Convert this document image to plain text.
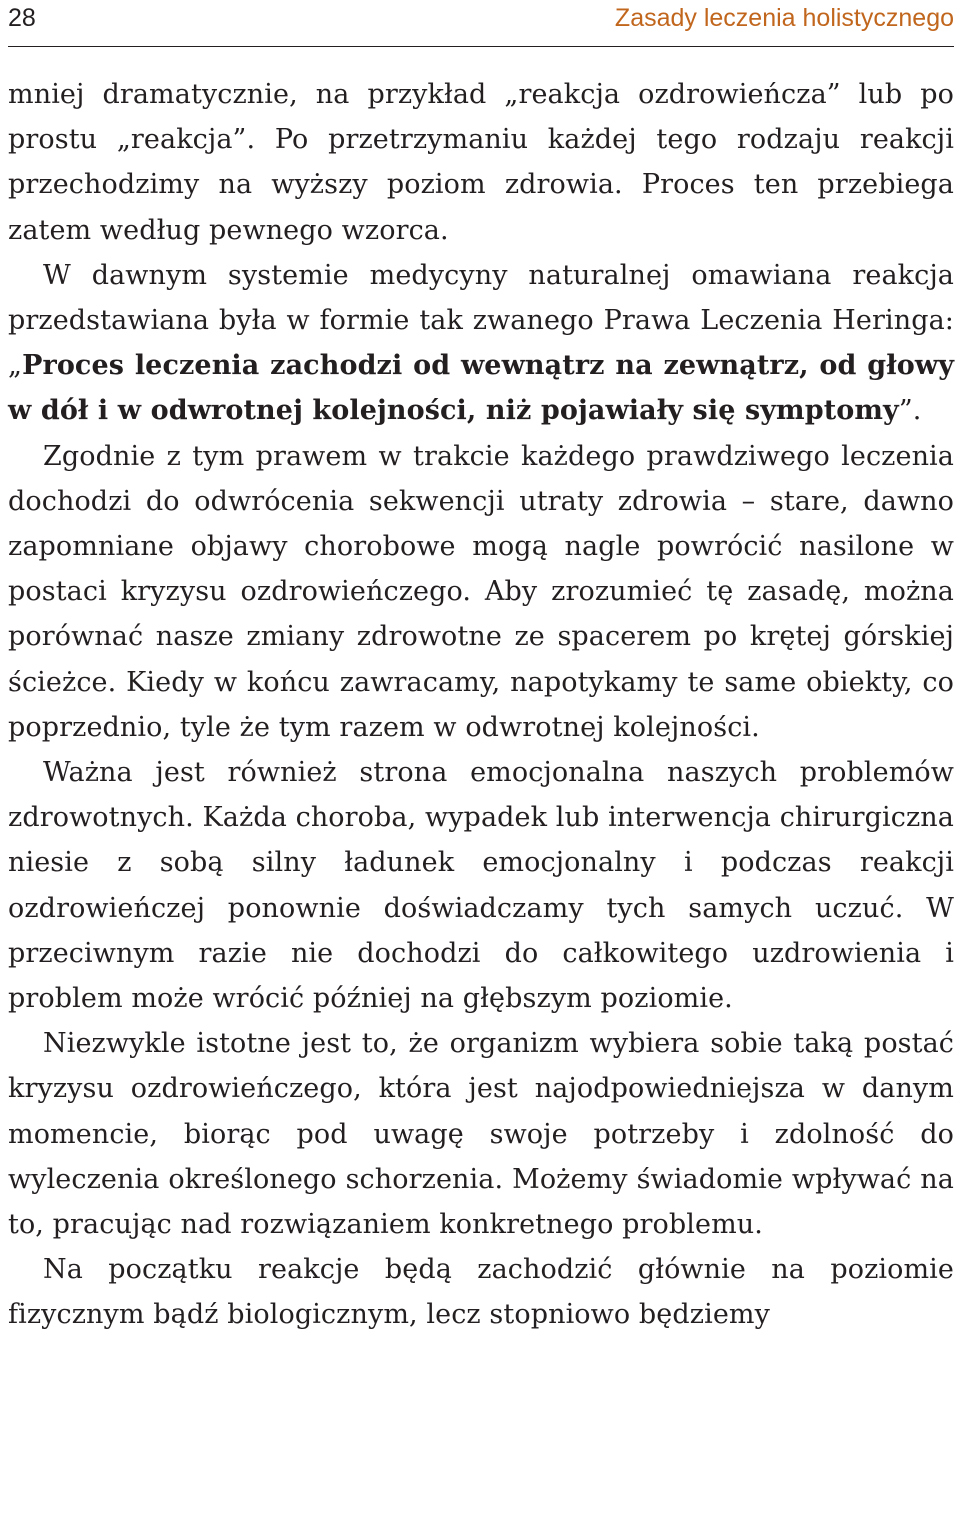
28	Zasady leczenia holistycznego

mniej dramatycznie, na przykład „reakcja ozdrowieńcza” lub po prostu „reakcja”. Po przetrzymaniu każdej tego rodzaju reakcji przechodzimy na wyższy poziom zdrowia. Proces ten przebiega zatem według pewnego wzorca.

W dawnym systemie medycyny naturalnej omawiana reakcja przedstawiana była w formie tak zwanego Prawa Leczenia Heringa: „Proces leczenia zachodzi od wewnątrz na zewnątrz, od głowy w dół i w odwrotnej kolejności, niż pojawiały się symptomy”.

Zgodnie z tym prawem w trakcie każdego prawdziwego leczenia dochodzi do odwrócenia sekwencji utraty zdrowia – stare, dawno zapomniane objawy chorobowe mogą nagle powrócić nasilone w postaci kryzysu ozdrowieńczego. Aby zrozumieć tę zasadę, można porównać nasze zmiany zdrowotne ze spacerem po krętej górskiej ścieżce. Kiedy w końcu zawracamy, napotykamy te same obiekty, co poprzednio, tyle że tym razem w odwrotnej kolejności.

Ważna jest również strona emocjonalna naszych problemów zdrowotnych. Każda choroba, wypadek lub interwencja chirurgiczna niesie z sobą silny ładunek emocjonalny i podczas reakcji ozdrowieńczej ponownie doświadczamy tych samych uczuć. W przeciwnym razie nie dochodzi do całkowitego uzdrowienia i problem może wrócić później na głębszym poziomie.

Niezwykle istotne jest to, że organizm wybiera sobie taką postać kryzysu ozdrowieńczego, która jest najodpowiedniejsza w danym momencie, biorąc pod uwagę swoje potrzeby i zdolność do wyleczenia określonego schorzenia. Możemy świadomie wpływać na to, pracując nad rozwiązaniem konkretnego problemu.

Na początku reakcje będą zachodzić głównie na poziomie fizycznym bądź biologicznym, lecz stopniowo będziemy
